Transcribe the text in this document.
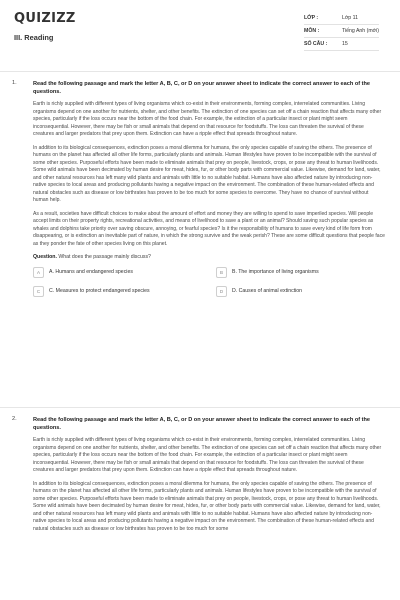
QUIZIZZ
III. Reading
LỚP :		Lớp 11
MÔN :		Tiếng Anh (mới)
SỐ CÂU :		15
1.	Read the following passage and mark the letter A, B, C, or D on your answer sheet to indicate the correct answer to each of the questions.

Earth is richly supplied with different types of living organisms which co-exist in their environments, forming complex, interrelated communities. Living organisms depend on one another for nutrients, shelter, and other benefits. The extinction of one species can set off a chain reaction that affects many other species, particularly if the loss occurs near the bottom of the food chain. For example, the extinction of a particular insect or plant might seem inconsequential. However, there may be fish or small animals that depend on that resource for foodstuffs. The loss can threaten the survival of these creatures and larger predators that prey upon them. Extinction can have a ripple effect that spreads throughout nature.

In addition to its biological consequences, extinction poses a moral dilemma for humans, the only species capable of saving the others. The presence of humans on the planet has affected all other life forms, particularly plants and animals. Human lifestyles have proven to be incompatible with the survival of some other species. Purposeful efforts have been made to eliminate animals that prey on people, livestock, crops, or pose any threat to human livelihoods. Some wild animals have been decimated by human desire for meat, hides, fur, or other body parts with commercial value. Likewise, demand for land, water, and other natural resources has left many wild plants and animals with little to no suitable habitat. Humans have also affected nature by introducing non-native species to local areas and producing pollutants having a negative impact on the environment. The combination of these human-related effects and natural obstacles such as disease or low birthrates has proven to be too much for some species to overcome. They have no chance of survival without human help.

As a result, societies have difficult choices to make about the amount of effort and money they are willing to spend to save imperiled species. Will people accept limits on their property rights, recreational activities, and means of livelihood to save a plant or an animal? Should saving such popular species as whales and dolphins take priority over saving obscure, annoying, or fearful species? Is it the responsibility of humans to save every kind of life form from disappearing, or is extinction an inevitable part of nature, in which the strong survive and the weak perish? These are some difficult questions that people face as they ponder the fate of other species living on this planet.

Question. What does the passage mainly discuss?

A	A. Humans and endangered species	B	B. The importance of living organisms
C	C. Measures to protect endangered species	D	D. Causes of animal extinction
2.	Read the following passage and mark the letter A, B, C, or D on your answer sheet to indicate the correct answer to each of the questions.

Earth is richly supplied with different types of living organisms which co-exist in their environments, forming complex, interrelated communities. Living organisms depend on one another for nutrients, shelter, and other benefits. The extinction of one species can set off a chain reaction that affects many other species, particularly if the loss occurs near the bottom of the food chain. For example, the extinction of a particular insect or plant might seem inconsequential. However, there may be fish or small animals that depend on that resource for foodstuffs. The loss can threaten the survival of these creatures and larger predators that prey upon them. Extinction can have a ripple effect that spreads throughout nature.

In addition to its biological consequences, extinction poses a moral dilemma for humans, the only species capable of saving the others. The presence of humans on the planet has affected all other life forms, particularly plants and animals. Human lifestyles have proven to be incompatible with the survival of some other species. Purposeful efforts have been made to eliminate animals that prey on people, livestock, crops, or pose any threat to human livelihoods. Some wild animals have been decimated by human desire for meat, hides, fur, or other body parts with commercial value. Likewise, demand for land, water, and other natural resources has left many wild plants and animals with little to no suitable habitat. Humans have also affected nature by introducing non-native species to local areas and producing pollutants having a negative impact on the environment. The combination of these human-related effects and natural obstacles such as disease or low birthrates has proven to be too much for some
